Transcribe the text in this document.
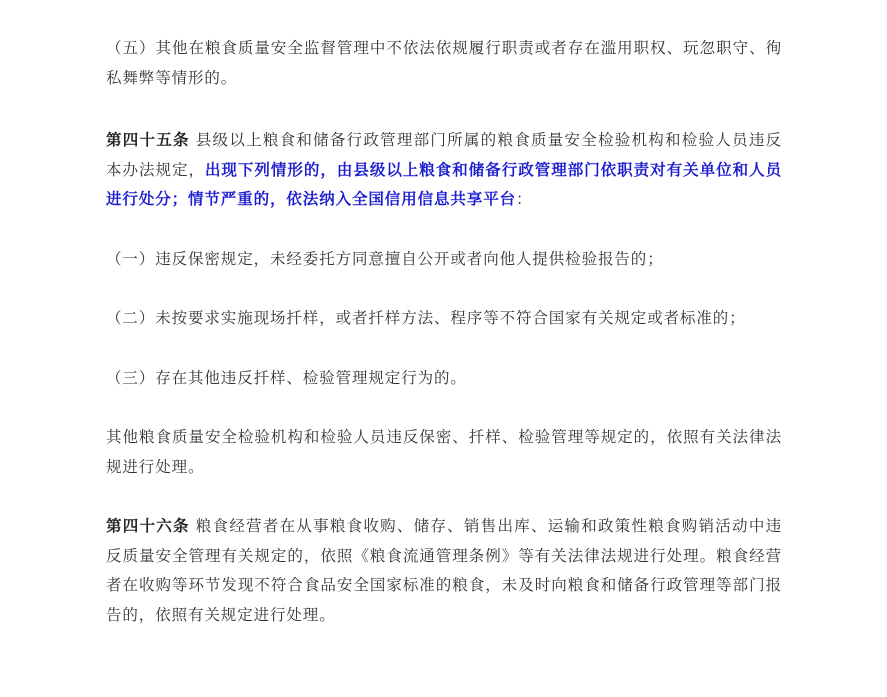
（五）其他在粮食质量安全监督管理中不依法依规履行职责或者存在滥用职权、玩忽职守、徇私舞弊等情形的。

第四十五条 县级以上粮食和储备行政管理部门所属的粮食质量安全检验机构和检验人员违反本办法规定，出现下列情形的，由县级以上粮食和储备行政管理部门依职责对有关单位和人员进行处分；情节严重的，依法纳入全国信用信息共享平台：

（一）违反保密规定，未经委托方同意擅自公开或者向他人提供检验报告的；

（二）未按要求实施现场扦样，或者扦样方法、程序等不符合国家有关规定或者标准的；

（三）存在其他违反扦样、检验管理规定行为的。

其他粮食质量安全检验机构和检验人员违反保密、扦样、检验管理等规定的，依照有关法律法规进行处理。

第四十六条 粮食经营者在从事粮食收购、储存、销售出库、运输和政策性粮食购销活动中违反质量安全管理有关规定的，依照《粮食流通管理条例》等有关法律法规进行处理。粮食经营者在收购等环节发现不符合食品安全国家标准的粮食，未及时向粮食和储备行政管理等部门报告的，依照有关规定进行处理。
